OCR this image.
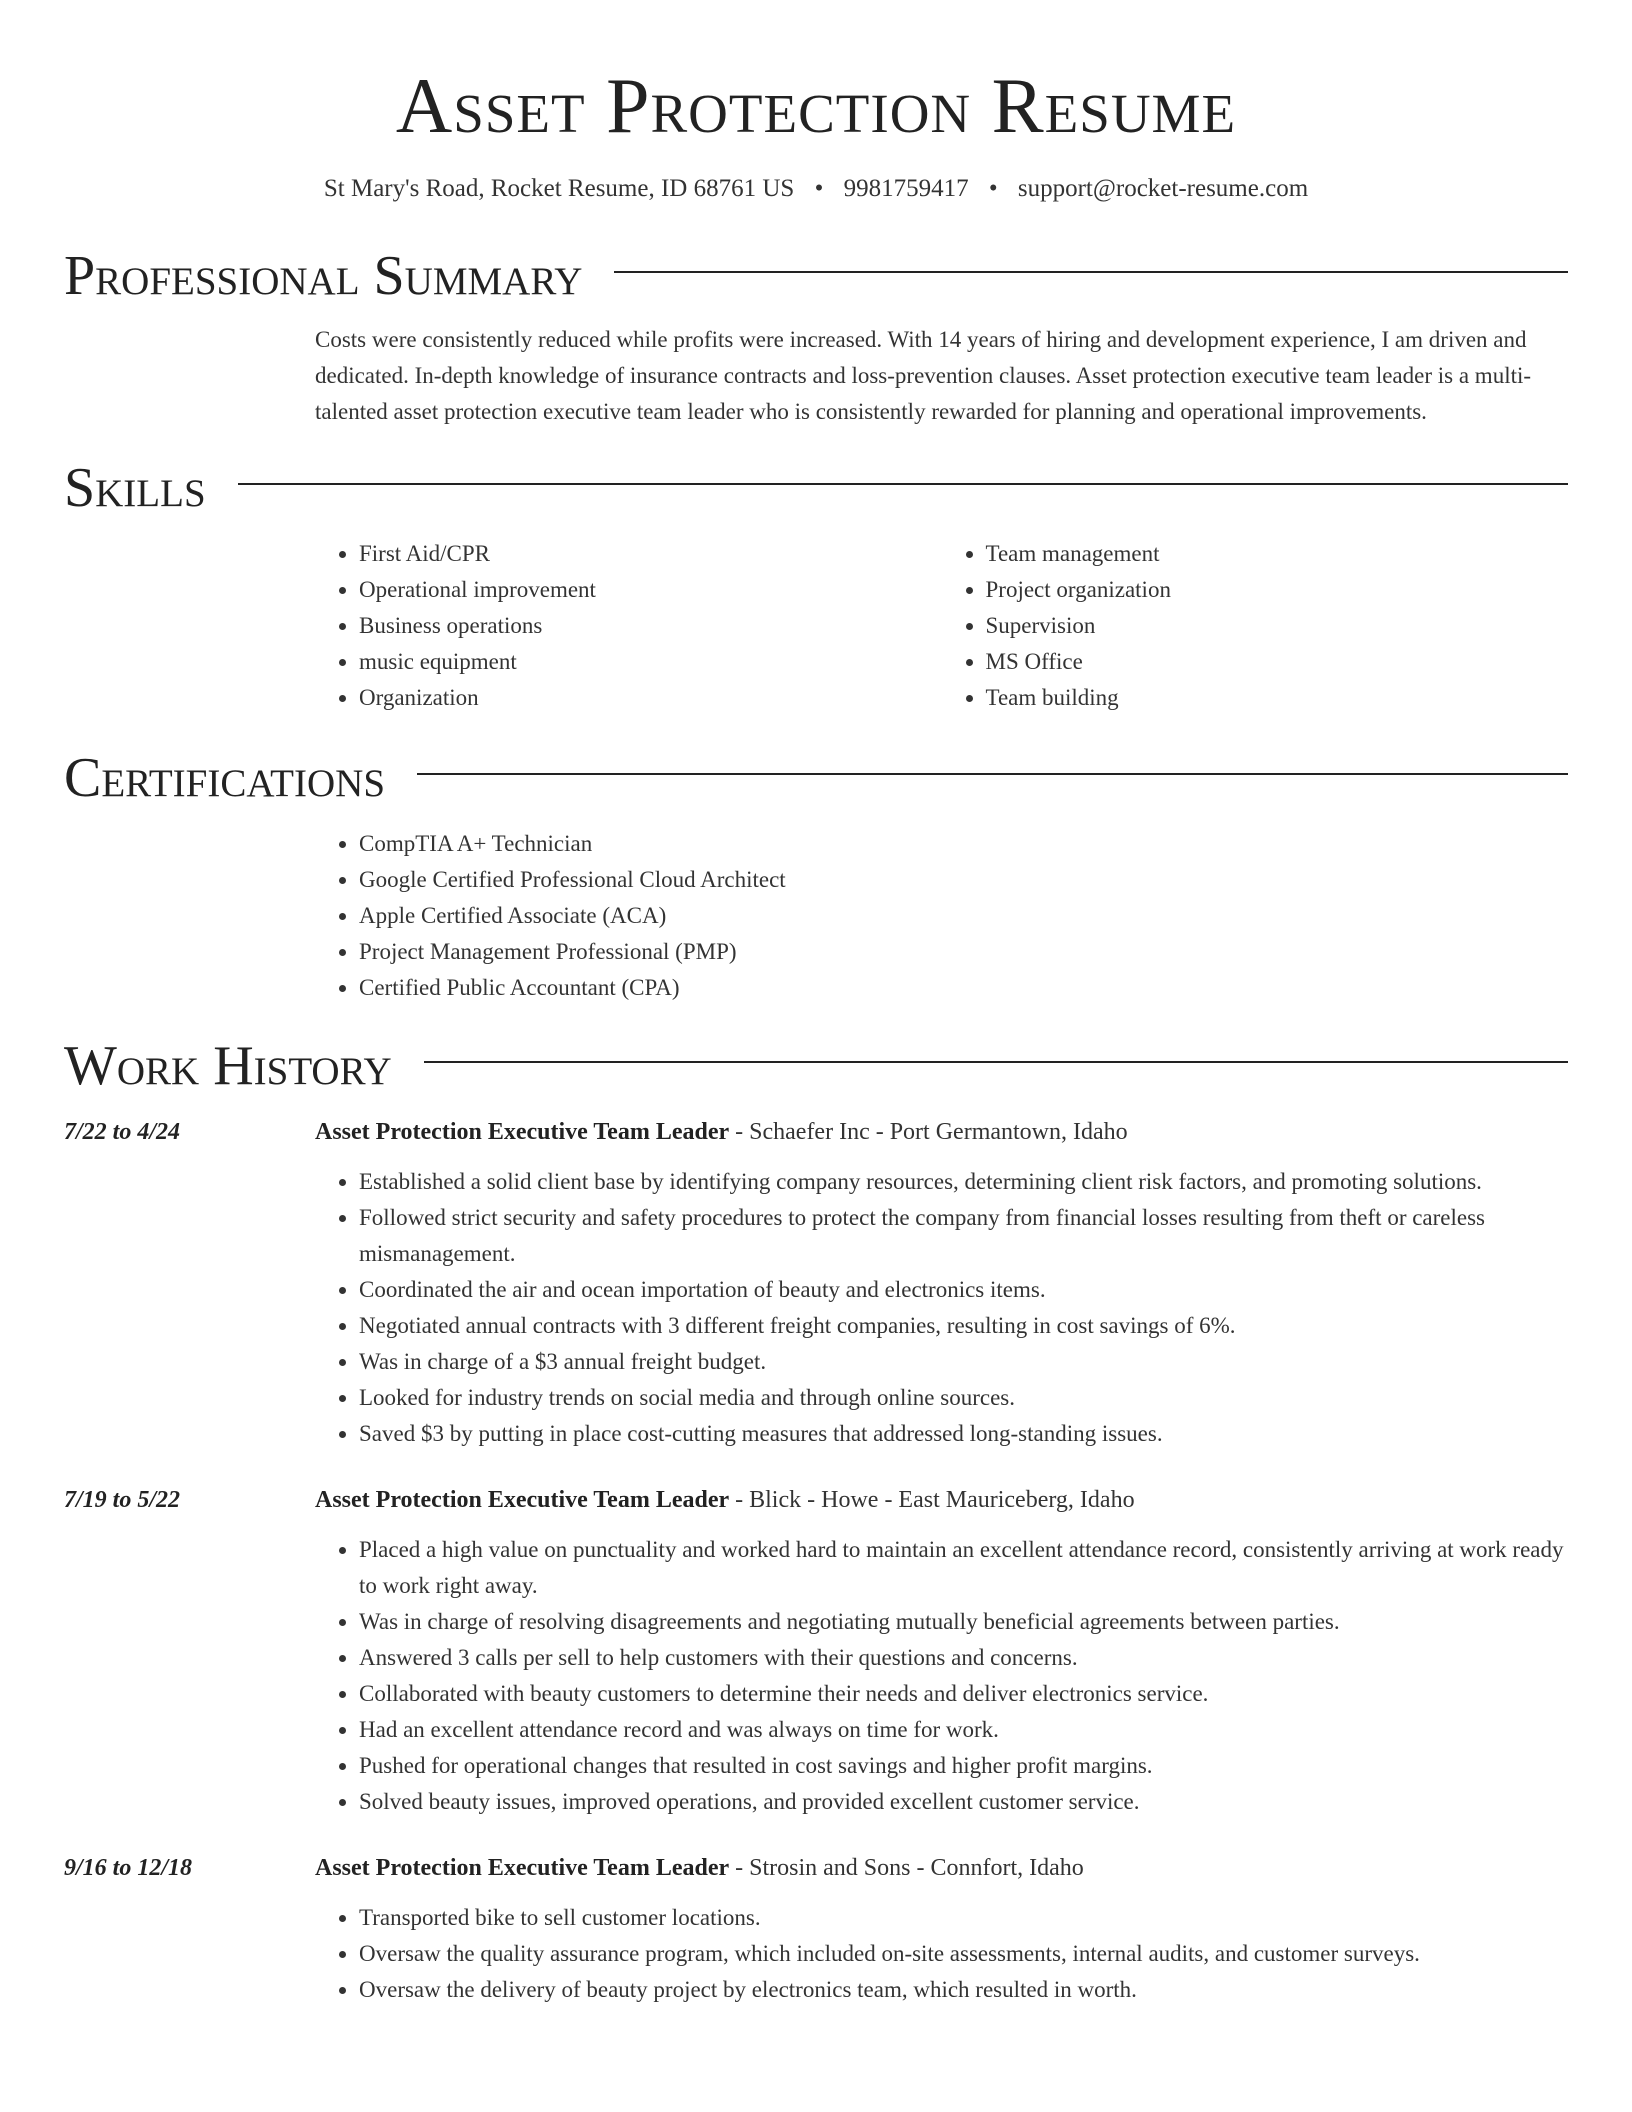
Asset Protection Resume
St Mary's Road, Rocket Resume, ID 68761 US • 9981759417 • support@rocket-resume.com
Professional Summary
Costs were consistently reduced while profits were increased. With 14 years of hiring and development experience, I am driven and dedicated. In-depth knowledge of insurance contracts and loss-prevention clauses. Asset protection executive team leader is a multi-talented asset protection executive team leader who is consistently rewarded for planning and operational improvements.
Skills
• First Aid/CPR
• Operational improvement
• Business operations
• music equipment
• Organization
• Team management
• Project organization
• Supervision
• MS Office
• Team building
Certifications
• CompTIA A+ Technician
• Google Certified Professional Cloud Architect
• Apple Certified Associate (ACA)
• Project Management Professional (PMP)
• Certified Public Accountant (CPA)
Work History
7/22 to 4/24	Asset Protection Executive Team Leader - Schaefer Inc - Port Germantown, Idaho
• Established a solid client base by identifying company resources, determining client risk factors, and promoting solutions.
• Followed strict security and safety procedures to protect the company from financial losses resulting from theft or careless mismanagement.
• Coordinated the air and ocean importation of beauty and electronics items.
• Negotiated annual contracts with 3 different freight companies, resulting in cost savings of 6%.
• Was in charge of a $3 annual freight budget.
• Looked for industry trends on social media and through online sources.
• Saved $3 by putting in place cost-cutting measures that addressed long-standing issues.
7/19 to 5/22	Asset Protection Executive Team Leader - Blick - Howe - East Mauriceberg, Idaho
• Placed a high value on punctuality and worked hard to maintain an excellent attendance record, consistently arriving at work ready to work right away.
• Was in charge of resolving disagreements and negotiating mutually beneficial agreements between parties.
• Answered 3 calls per sell to help customers with their questions and concerns.
• Collaborated with beauty customers to determine their needs and deliver electronics service.
• Had an excellent attendance record and was always on time for work.
• Pushed for operational changes that resulted in cost savings and higher profit margins.
• Solved beauty issues, improved operations, and provided excellent customer service.
9/16 to 12/18	Asset Protection Executive Team Leader - Strosin and Sons - Connfort, Idaho
• Transported bike to sell customer locations.
• Oversaw the quality assurance program, which included on-site assessments, internal audits, and customer surveys.
• Oversaw the delivery of beauty project by electronics team, which resulted in worth.
